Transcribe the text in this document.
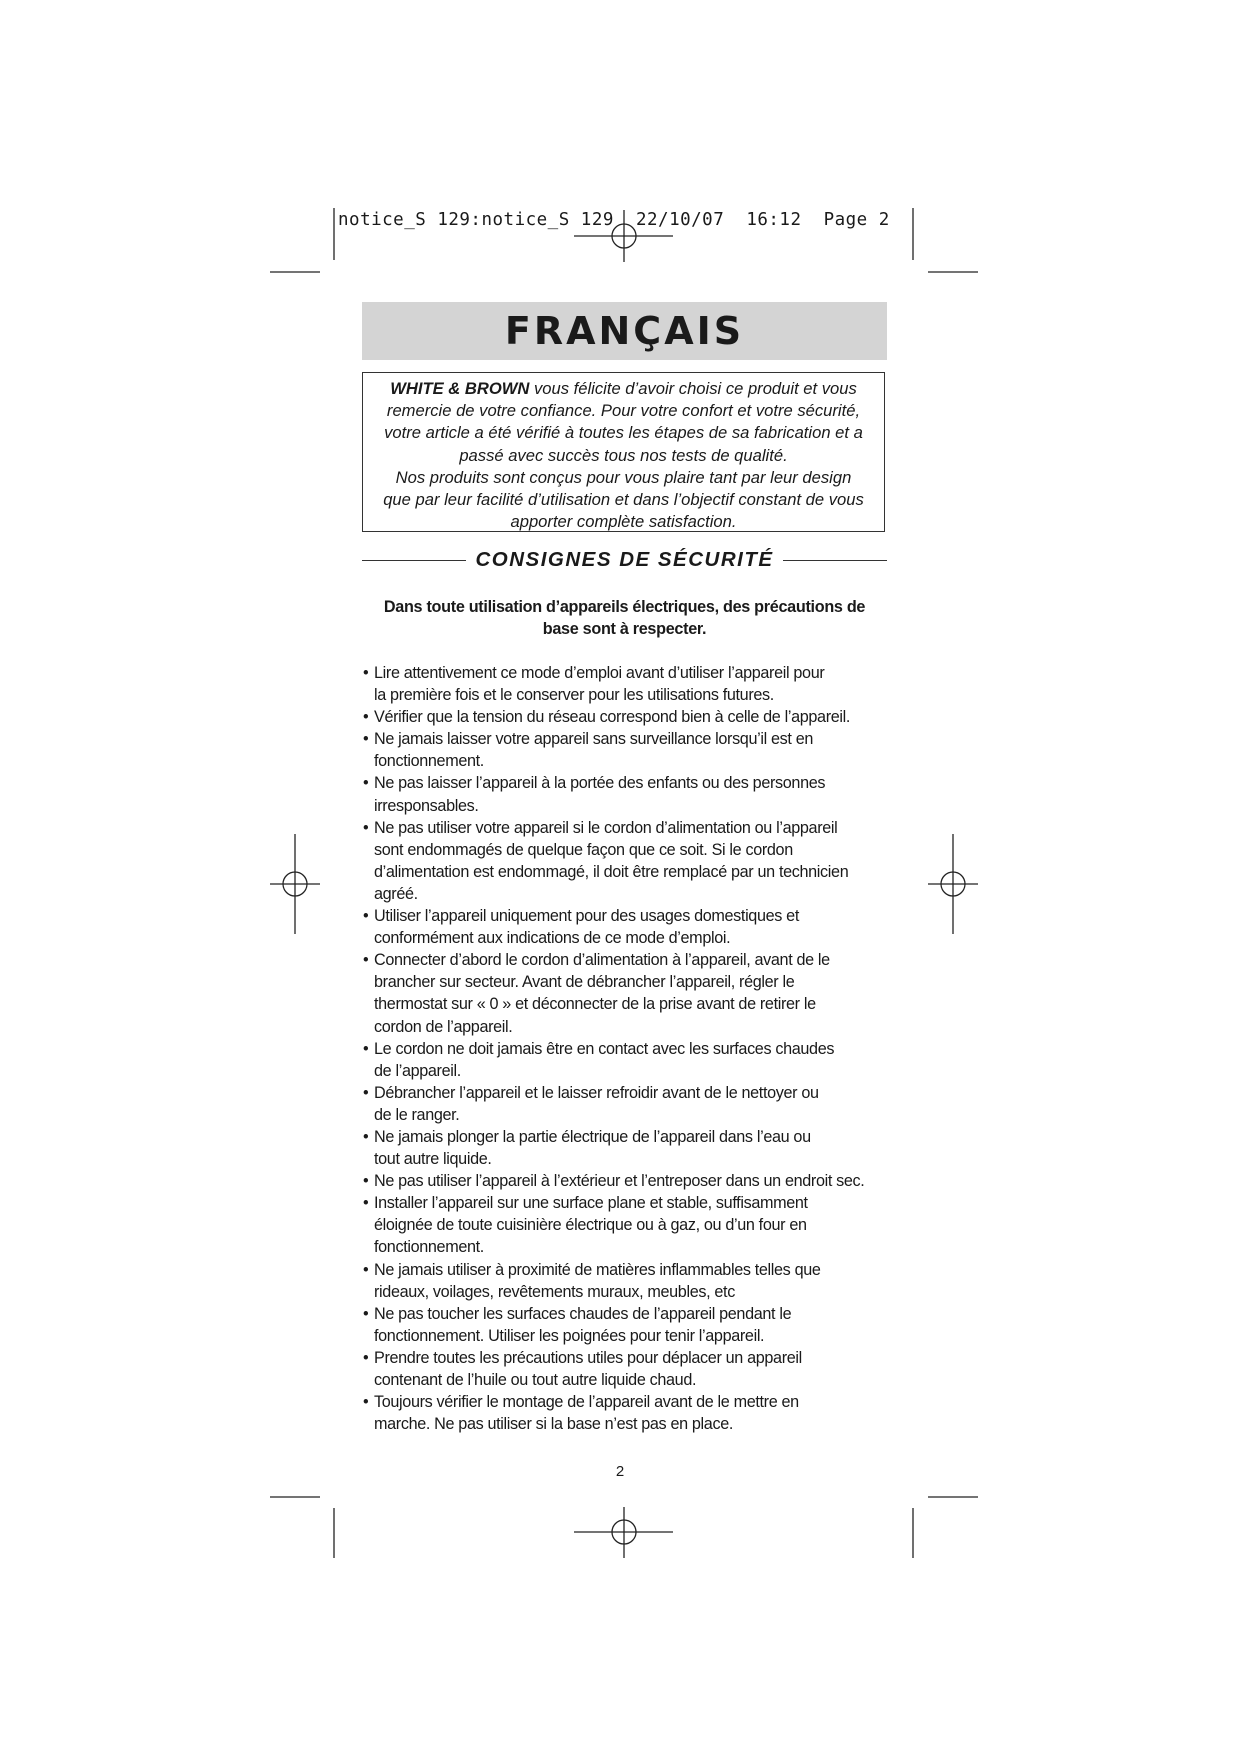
notice_S 129:notice_S 129  22/10/07  16:12  Page 2
FRANÇAIS

WHITE & BROWN vous félicite d’avoir choisi ce produit et vous

remercie de votre confiance. Pour votre confort et votre sécurité,

votre article a été vérifié à toutes les étapes de sa fabrication et a

passé avec succès tous nos tests de qualité.

Nos produits sont conçus pour vous plaire tant par leur design

que par leur facilité d’utilisation et dans l’objectif constant de vous

apporter complète satisfaction.

CONSIGNES DE SÉCURITÉ
Dans toute utilisation d’appareils électriques, des précautions de
base sont à respecter.
• Lire attentivement ce mode d’emploi avant d’utiliser l’appareil pour
la première fois et le conserver pour les utilisations futures.
• Vérifier que la tension du réseau correspond bien à celle de l’appareil.
• Ne jamais laisser votre appareil sans surveillance lorsqu’il est en
fonctionnement.
• Ne pas laisser l’appareil à la portée des enfants ou des personnes
irresponsables.
• Ne pas utiliser votre appareil si le cordon d’alimentation ou l’appareil
sont endommagés de quelque façon que ce soit. Si le cordon
d’alimentation est endommagé, il doit être remplacé par un technicien
agréé.
• Utiliser l’appareil uniquement pour des usages domestiques et
conformément aux indications de ce mode d’emploi.
• Connecter d’abord le cordon d’alimentation à l’appareil, avant de le
brancher sur secteur. Avant de débrancher l’appareil, régler le
thermostat sur « 0 » et déconnecter de la prise avant de retirer le
cordon de l’appareil.
• Le cordon ne doit jamais être en contact avec les surfaces chaudes
de l’appareil.
• Débrancher l’appareil et le laisser refroidir avant de le nettoyer ou
de le ranger.
• Ne jamais plonger la partie électrique de l’appareil dans l’eau ou
tout autre liquide.
• Ne pas utiliser l’appareil à l’extérieur et l’entreposer dans un endroit sec.
• Installer l’appareil sur une surface plane et stable, suffisamment
éloignée de toute cuisinière électrique ou à gaz, ou d’un four en
fonctionnement.
• Ne jamais utiliser à proximité de matières inflammables telles que
rideaux, voilages, revêtements muraux, meubles, etc
• Ne pas toucher les surfaces chaudes de l’appareil pendant le
fonctionnement. Utiliser les poignées pour tenir l’appareil.
• Prendre toutes les précautions utiles pour déplacer un appareil
contenant de l’huile ou tout autre liquide chaud.
• Toujours vérifier le montage de l’appareil avant de le mettre en
marche. Ne pas utiliser si la base n’est pas en place.
2
